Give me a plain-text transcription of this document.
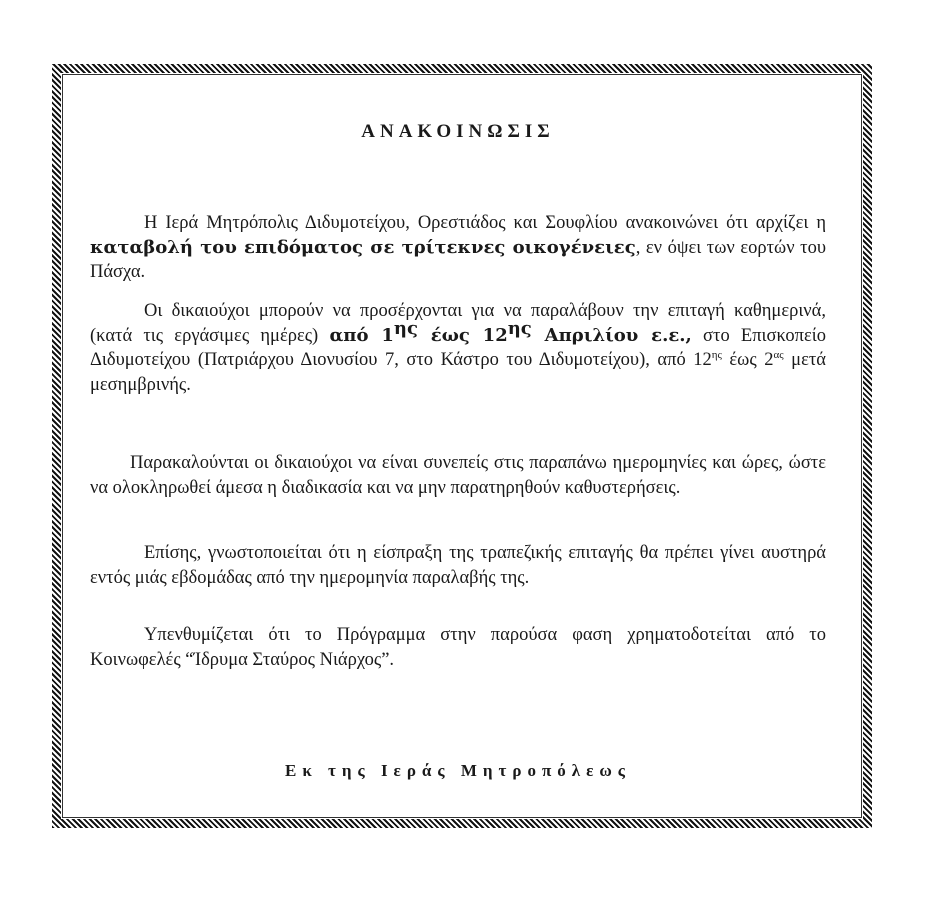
ΑΝΑΚΟΙΝΩΣΙΣ
Η Ιερά Μητρόπολις Διδυμοτείχου, Ορεστιάδος και Σουφλίου ανακοινώνει ότι αρχίζει η καταβολή του επιδόματος σε τρίτεκνες οικογένειες, εν όψει των εορτών του Πάσχα.
Οι δικαιούχοι μπορούν να προσέρχονται για να παραλάβουν την επιταγή καθημερινά, (κατά τις εργάσιμες ημέρες) από $1^{\eta\varsigma}$ έως $12^{\eta\varsigma}$ Απριλίου ε.ε., στο Επισκοπείο Διδυμοτείχου (Πατριάρχου Διονυσίου 7, στο Κάστρο του Διδυμοτείχου), από $12^{\eta\varsigma}$ έως $2^{\alpha\varsigma}$ μετά μεσημβρινής.
Παρακαλούνται οι δικαιούχοι να είναι συνεπείς στις παραπάνω ημερομηνίες και ώρες, ώστε να ολοκληρωθεί άμεσα η διαδικασία και να μην παρατηρηθούν καθυστερήσεις.
Επίσης, γνωστοποιείται ότι η είσπραξη της τραπεζικής επιταγής θα πρέπει γίνει αυστηρά εντός μιάς εβδομάδας από την ημερομηνία παραλαβής της.
Υπενθυμίζεται ότι το Πρόγραμμα στην παρούσα φαση χρηματοδοτείται από το Κοινωφελές “Ίδρυμα Σταύρος Νιάρχος”.
Εκ της Ιεράς Μητροπόλεως
